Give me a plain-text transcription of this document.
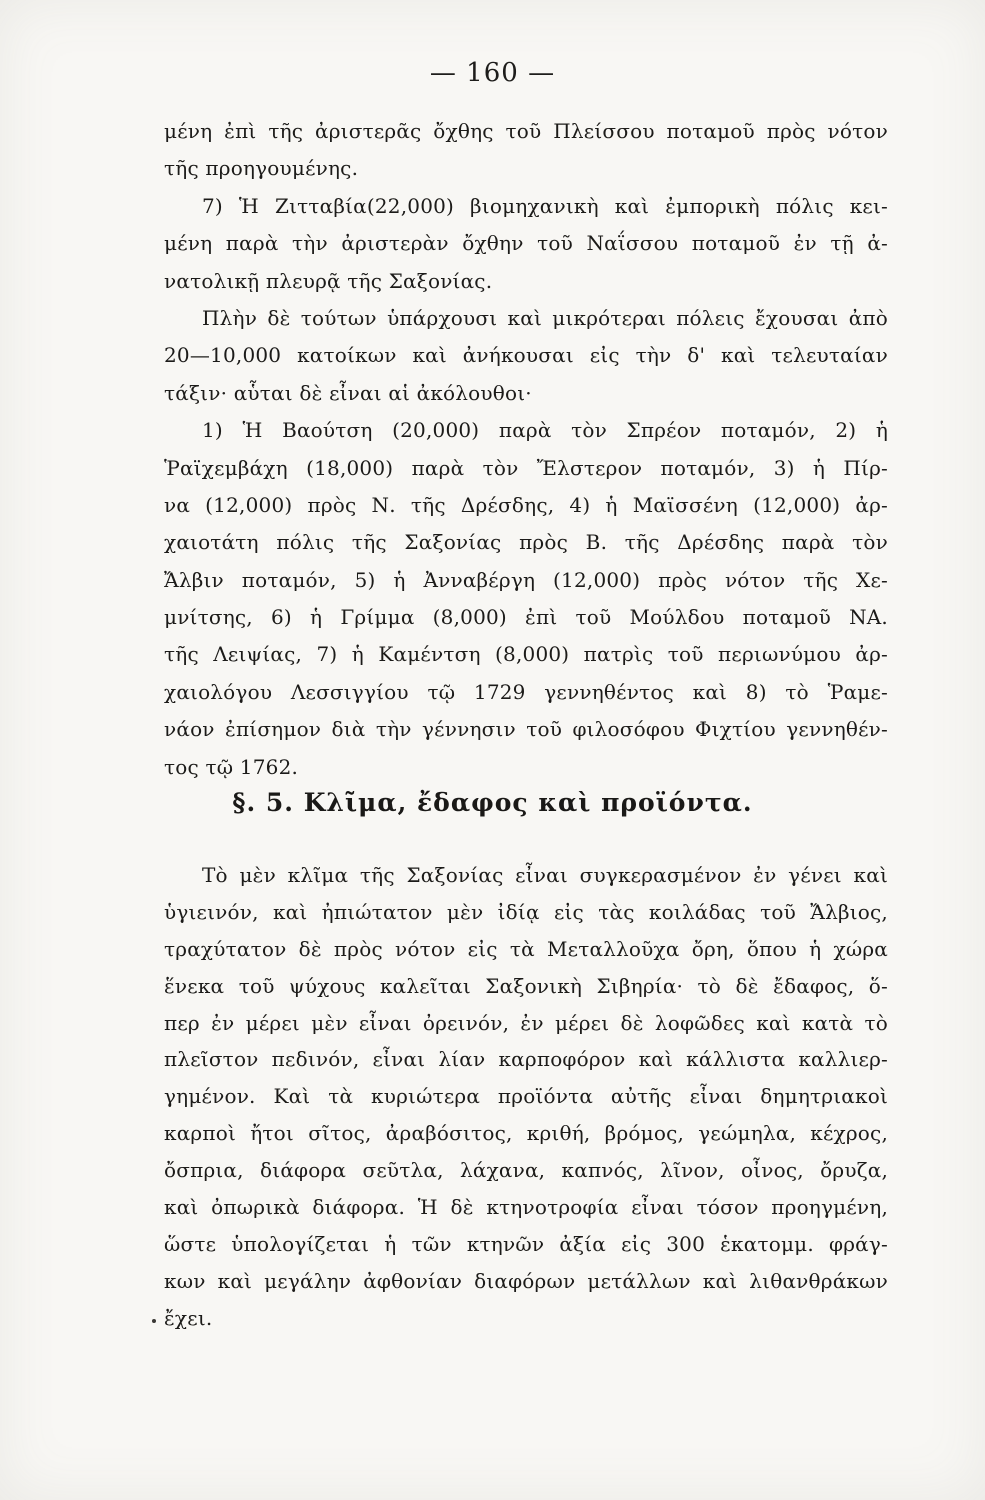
— 160 —
μένη ἐπὶ τῆς ἀριστερᾶς ὄχθης τοῦ Πλείσσου ποταμοῦ πρὸς νότον
τῆς προηγουμένης.
7) Ἡ Ζιτταβία(22,000) βιομηχανικὴ καὶ ἐμπορικὴ πόλις κει-
μένη παρὰ τὴν ἀριστερὰν ὄχθην τοῦ Ναΐσσου ποταμοῦ ἐν τῇ ἀ-
νατολικῇ πλευρᾷ τῆς Σαξονίας.
Πλὴν δὲ τούτων ὑπάρχουσι καὶ μικρότεραι πόλεις ἔχουσαι ἀπὸ
20—10,000 κατοίκων καὶ ἀνήκουσαι εἰς τὴν δ' καὶ τελευταίαν
τάξιν· αὗται δὲ εἶναι αἱ ἀκόλουθοι·
1) Ἡ Βαούτση (20,000) παρὰ τὸν Σπρέον ποταμόν, 2) ἡ
Ῥαϊχεμβάχη (18,000) παρὰ τὸν Ἔλστερον ποταμόν, 3) ἡ Πίρ-
να (12,000) πρὸς Ν. τῆς Δρέσδης, 4) ἡ Μαϊσσένη (12,000) ἀρ-
χαιοτάτη πόλις τῆς Σαξονίας πρὸς Β. τῆς Δρέσδης παρὰ τὸν
Ἄλβιν ποταμόν, 5) ἡ Ἀνναβέργη (12,000) πρὸς νότον τῆς Χε-
μνίτσης, 6) ἡ Γρίμμα (8,000) ἐπὶ τοῦ Μούλδου ποταμοῦ ΝΑ.
τῆς Λειψίας, 7) ἡ Καμέντση (8,000) πατρὶς τοῦ περιωνύμου ἀρ-
χαιολόγου Λεσσιγγίου τῷ 1729 γεννηθέντος καὶ 8) τὸ Ῥαμε-
νάον ἐπίσημον διὰ τὴν γέννησιν τοῦ φιλοσόφου Φιχτίου γεννηθέν-
τος τῷ 1762.
§. 5. Κλῖμα, ἔδαφος καὶ προϊόντα.
Τὸ μὲν κλῖμα τῆς Σαξονίας εἶναι συγκερασμένον ἐν γένει καὶ
ὑγιεινόν, καὶ ἠπιώτατον μὲν ἰδίᾳ εἰς τὰς κοιλάδας τοῦ Ἄλβιος,
τραχύτατον δὲ πρὸς νότον εἰς τὰ Μεταλλοῦχα ὄρη, ὅπου ἡ χώρα
ἕνεκα τοῦ ψύχους καλεῖται Σαξονικὴ Σιβηρία· τὸ δὲ ἔδαφος, ὅ-
περ ἐν μέρει μὲν εἶναι ὀρεινόν, ἐν μέρει δὲ λοφῶδες καὶ κατὰ τὸ
πλεῖστον πεδινόν, εἶναι λίαν καρποφόρον καὶ κάλλιστα καλλιερ-
γημένον. Καὶ τὰ κυριώτερα προϊόντα αὐτῆς εἶναι δημητριακοὶ
καρποὶ ἤτοι σῖτος, ἀραβόσιτος, κριθή, βρόμος, γεώμηλα, κέχρος,
ὄσπρια, διάφορα σεῦτλα, λάχανα, καπνός, λῖνον, οἶνος, ὄρυζα,
καὶ ὀπωρικὰ διάφορα. Ἡ δὲ κτηνοτροφία εἶναι τόσον προηγμένη,
ὥστε ὑπολογίζεται ἡ τῶν κτηνῶν ἀξία εἰς 300 ἑκατομμ. φράγ-
κων καὶ μεγάλην ἀφθονίαν διαφόρων μετάλλων καὶ λιθανθράκων
ἔχει.
